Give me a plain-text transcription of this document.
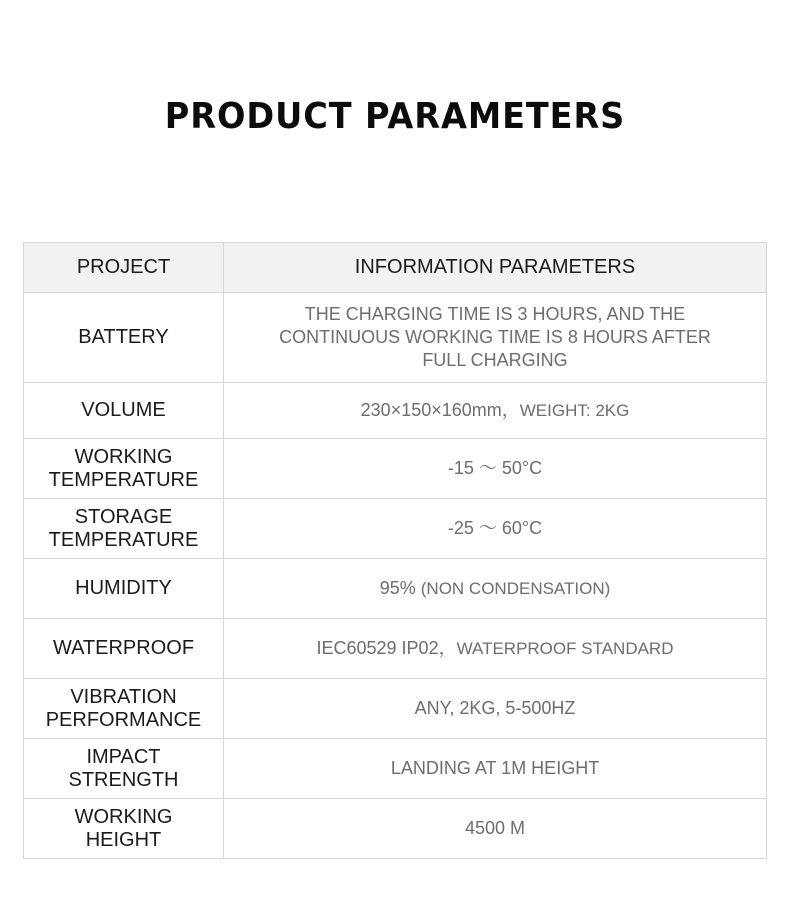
PRODUCT PARAMETERS
PROJECT	INFORMATION PARAMETERS
BATTERY	THE CHARGING TIME IS 3 HOURS, AND THE CONTINUOUS WORKING TIME IS 8 HOURS AFTER FULL CHARGING
VOLUME	230×150×160mm，WEIGHT: 2KG
WORKING TEMPERATURE	-15 ～ 50°C
STORAGE TEMPERATURE	-25 ～ 60°C
HUMIDITY	95% (NON CONDENSATION)
WATERPROOF	IEC60529 IP02，WATERPROOF STANDARD
VIBRATION PERFORMANCE	ANY, 2KG, 5-500HZ
IMPACT STRENGTH	LANDING AT 1M HEIGHT
WORKING HEIGHT	4500 M
